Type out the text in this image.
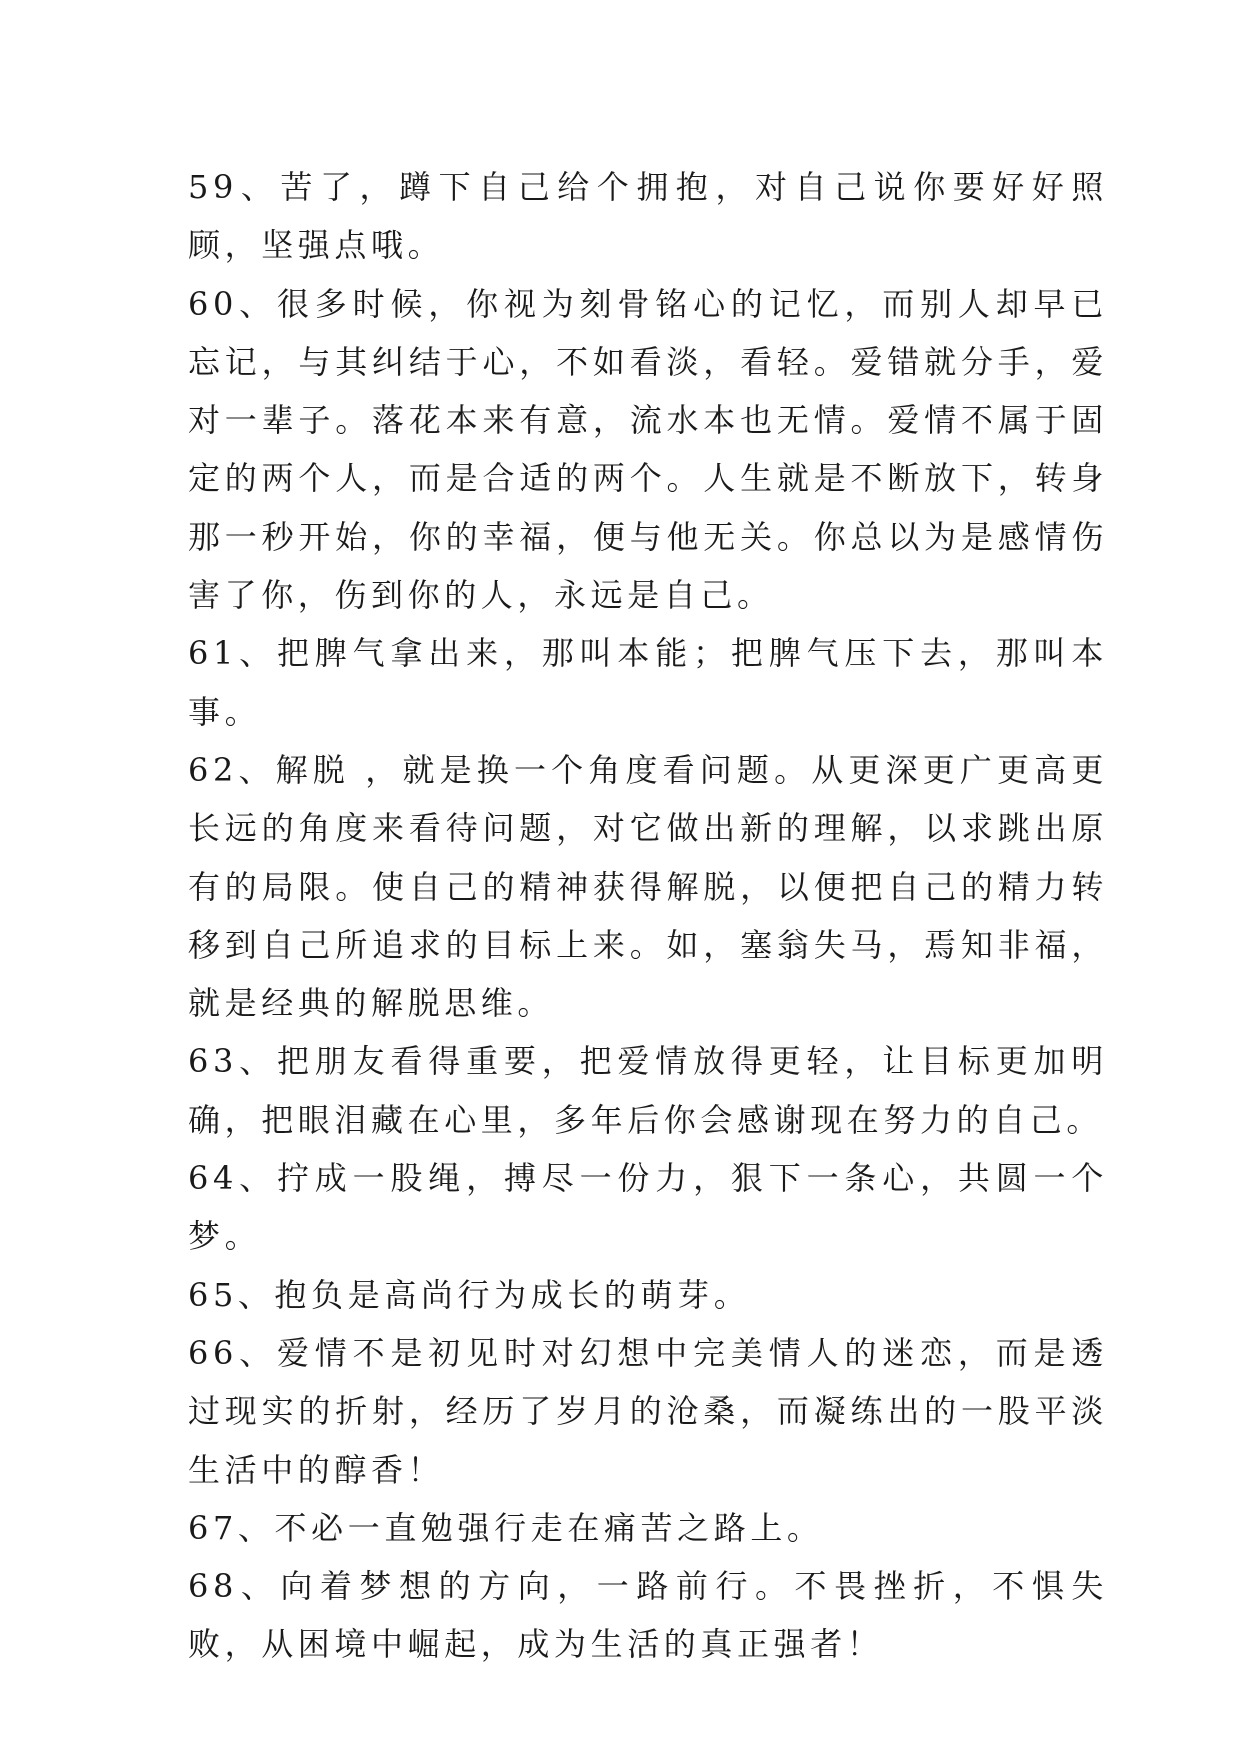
59、苦了，蹲下自己给个拥抱，对自己说你要好好照顾，坚强点哦。

60、很多时候，你视为刻骨铭心的记忆，而别人却早已忘记，与其纠结于心，不如看淡，看轻。爱错就分手，爱对一辈子。落花本来有意，流水本也无情。爱情不属于固定的两个人，而是合适的两个。人生就是不断放下，转身那一秒开始，你的幸福，便与他无关。你总以为是感情伤害了你，伤到你的人，永远是自己。

61、把脾气拿出来，那叫本能；把脾气压下去，那叫本事。

62、解脱 ，就是换一个角度看问题。从更深更广更高更长远的角度来看待问题，对它做出新的理解，以求跳出原有的局限。使自己的精神获得解脱，以便把自己的精力转移到自己所追求的目标上来。如，塞翁失马，焉知非福，就是经典的解脱思维。

63、把朋友看得重要，把爱情放得更轻，让目标更加明确，把眼泪藏在心里，多年后你会感谢现在努力的自己。

64、拧成一股绳，搏尽一份力，狠下一条心，共圆一个梦。

65、抱负是高尚行为成长的萌芽。

66、爱情不是初见时对幻想中完美情人的迷恋，而是透过现实的折射，经历了岁月的沧桑，而凝练出的一股平淡生活中的醇香！

67、不必一直勉强行走在痛苦之路上。

68、向着梦想的方向，一路前行。不畏挫折，不惧失败，从困境中崛起，成为生活的真正强者！
